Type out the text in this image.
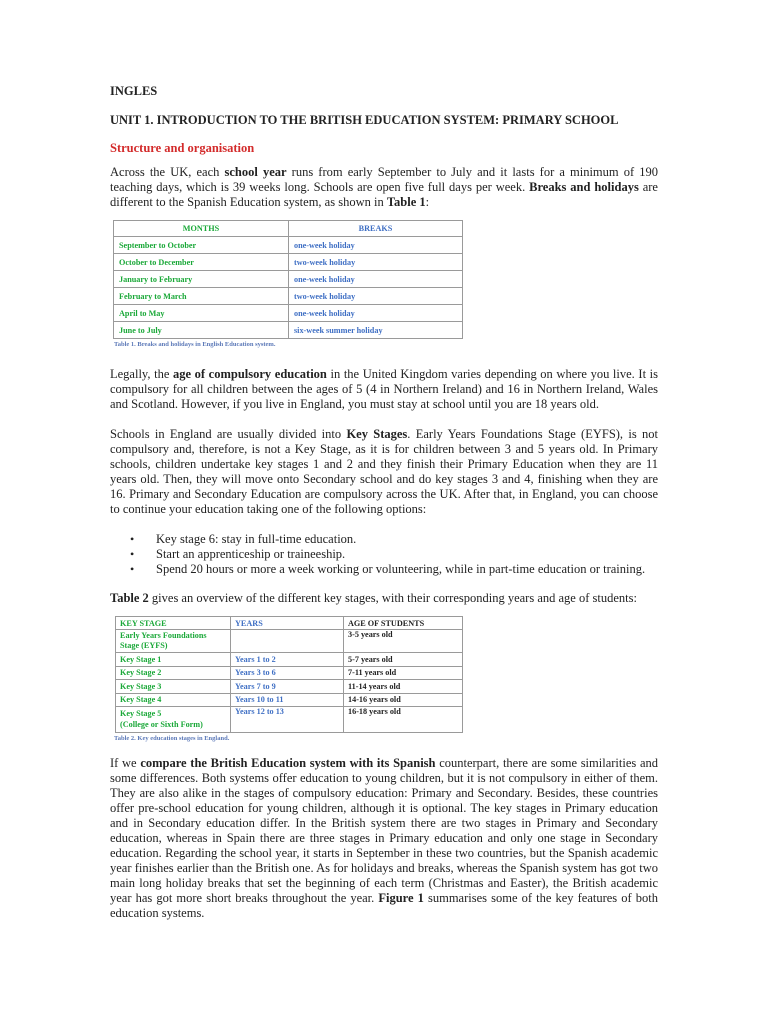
INGLES

UNIT 1. INTRODUCTION TO THE BRITISH EDUCATION SYSTEM: PRIMARY SCHOOL

Structure and organisation

Across the UK, each school year runs from early September to July and it lasts for a minimum of 190 teaching days, which is 39 weeks long. Schools are open five full days per week. Breaks and holidays are different to the Spanish Education system, as shown in Table 1:

MONTHS	BREAKS
September to October	one-week holiday
October to December	two-week holiday
January to February	one-week holiday
February to March	two-week holiday
April to May	one-week holiday
June to July	six-week summer holiday
Table 1. Breaks and holidays in English Education system.

Legally, the age of compulsory education in the United Kingdom varies depending on where you live. It is compulsory for all children between the ages of 5 (4 in Northern Ireland) and 16 in Northern Ireland, Wales and Scotland. However, if you live in England, you must stay at school until you are 18 years old.

Schools in England are usually divided into Key Stages. Early Years Foundations Stage (EYFS), is not compulsory and, therefore, is not a Key Stage, as it is for children between 3 and 5 years old. In Primary schools, children undertake key stages 1 and 2 and they finish their Primary Education when they are 11 years old. Then, they will move onto Secondary school and do key stages 3 and 4, finishing when they are 16. Primary and Secondary Education are compulsory across the UK. After that, in England, you can choose to continue your education taking one of the following options:

• Key stage 6: stay in full-time education.
• Start an apprenticeship or traineeship.
• Spend 20 hours or more a week working or volunteering, while in part-time education or training.

Table 2 gives an overview of the different key stages, with their corresponding years and age of students:

KEY STAGE	YEARS	AGE OF STUDENTS
Early Years Foundations Stage (EYFS)		3-5 years old
Key Stage 1	Years 1 to 2	5-7 years old
Key Stage 2	Years 3 to 6	7-11 years old
Key Stage 3	Years 7 to 9	11-14 years old
Key Stage 4	Years 10 to 11	14-16 years old
Key Stage 5
(College or Sixth Form)	Years 12 to 13	16-18 years old
Table 2. Key education stages in England.

If we compare the British Education system with its Spanish counterpart, there are some similarities and some differences. Both systems offer education to young children, but it is not compulsory in either of them. They are also alike in the stages of compulsory education: Primary and Secondary. Besides, these countries offer pre-school education for young children, although it is optional. The key stages in Primary education and in Secondary education differ. In the British system there are two stages in Primary and Secondary education, whereas in Spain there are three stages in Primary education and only one stage in Secondary education. Regarding the school year, it starts in September in these two countries, but the Spanish academic year finishes earlier than the British one. As for holidays and breaks, whereas the Spanish system has got two main long holiday breaks that set the beginning of each term (Christmas and Easter), the British academic year has got more short breaks throughout the year. Figure 1 summarises some of the key features of both education systems.
